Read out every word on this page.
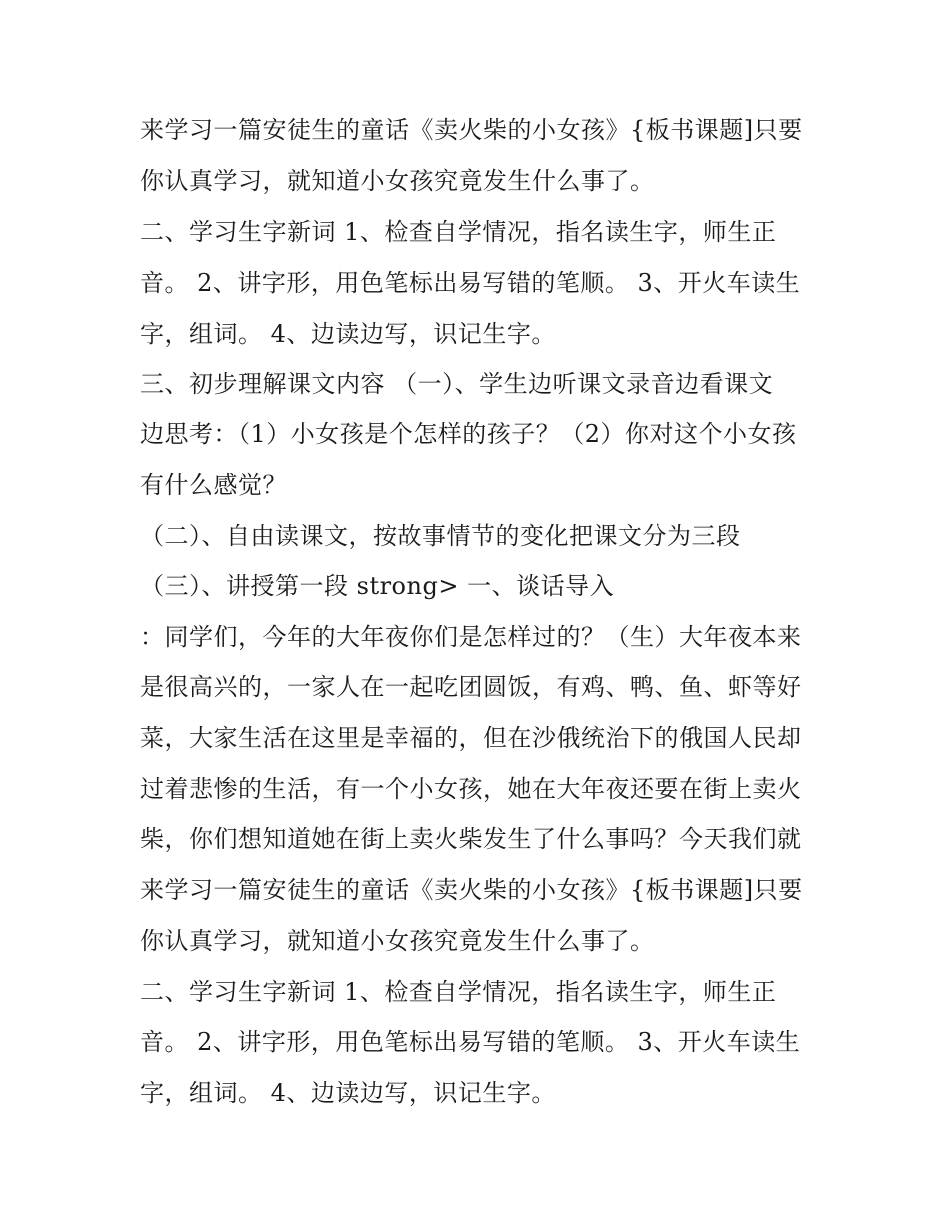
来学习一篇安徒生的童话《卖火柴的小女孩》{板书课题]只要
你认真学习，就知道小女孩究竟发生什么事了。
二、学习生字新词 1、检查自学情况，指名读生字，师生正
音。 2、讲字形，用色笔标出易写错的笔顺。 3、开火车读生
字，组词。 4、边读边写，识记生字。
三、初步理解课文内容 （一）、学生边听课文录音边看课文
边思考：（1）小女孩是个怎样的孩子？（2）你对这个小女孩
有什么感觉？
（二）、自由读课文，按故事情节的变化把课文分为三段
（三）、讲授第一段 strong> 一、谈话导入
：同学们，今年的大年夜你们是怎样过的？（生）大年夜本来
是很高兴的，一家人在一起吃团圆饭，有鸡、鸭、鱼、虾等好
菜，大家生活在这里是幸福的，但在沙俄统治下的俄国人民却
过着悲惨的生活，有一个小女孩，她在大年夜还要在街上卖火
柴，你们想知道她在街上卖火柴发生了什么事吗？今天我们就
来学习一篇安徒生的童话《卖火柴的小女孩》{板书课题]只要
你认真学习，就知道小女孩究竟发生什么事了。
二、学习生字新词 1、检查自学情况，指名读生字，师生正
音。 2、讲字形，用色笔标出易写错的笔顺。 3、开火车读生
字，组词。 4、边读边写，识记生字。
